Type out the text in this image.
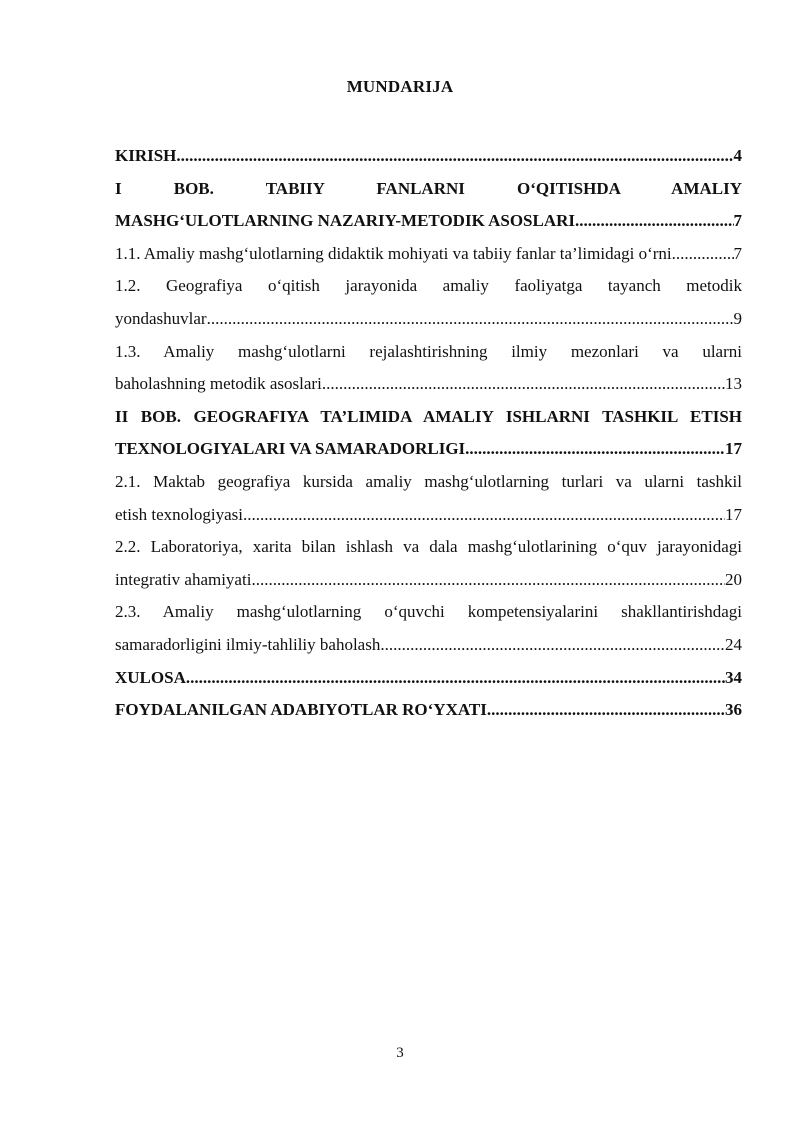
MUNDARIJA
KIRISH .....	4
I BOB. TABIIY FANLARNI O‘QITISHDA AMALIY
MASHG‘ULOTLARNING NAZARIY-METODIK ASOSLARI .....	7
1.1. Amaliy mashg‘ulotlarning didaktik mohiyati va tabiiy fanlar ta’limidagi o‘rni. .....	7
1.2. Geografiya o‘qitish jarayonida amaliy faoliyatga tayanch metodik
yondashuvlar .....	9
1.3. Amaliy mashg‘ulotlarni rejalashtirishning ilmiy mezonlari va ularni
baholashning metodik asoslari .....	13
II BOB. GEOGRAFIYA TA’LIMIDA AMALIY ISHLARNI TASHKIL ETISH
TEXNOLOGIYALARI VA SAMARADORLIGI .....	17
2.1. Maktab geografiya kursida amaliy mashg‘ulotlarning turlari va ularni tashkil
etish texnologiyasi .....	17
2.2. Laboratoriya, xarita bilan ishlash va dala mashg‘ulotlarining o‘quv jarayonidagi
integrativ ahamiyati .....	20
2.3. Amaliy mashg‘ulotlarning o‘quvchi kompetensiyalarini shakllantirishdagi
samaradorligini ilmiy-tahliliy baholash .....	24
XULOSA .....	34
FOYDALANILGAN ADABIYOTLAR RO‘YXATI .....	36
3
